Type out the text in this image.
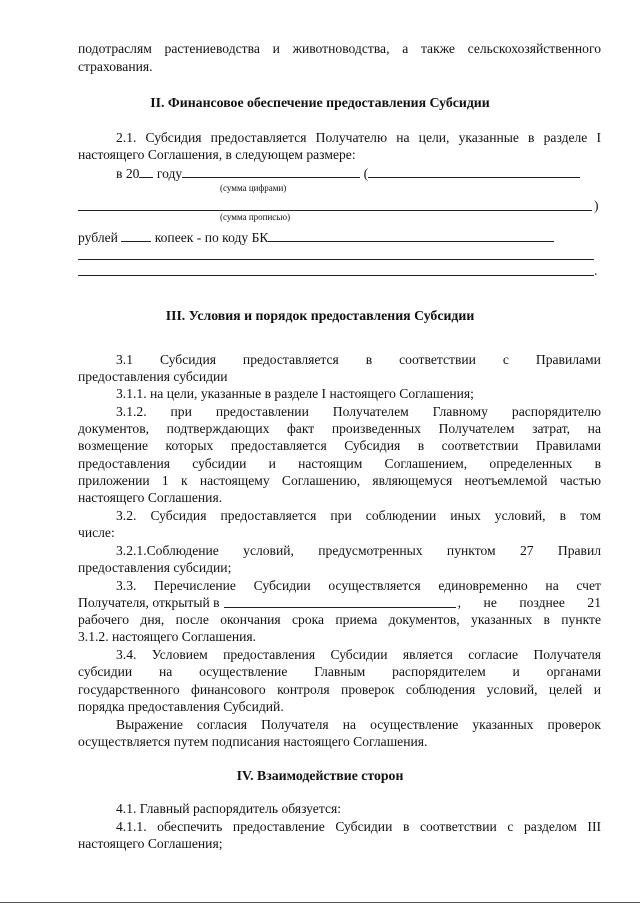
подотраслям растениеводства и животноводства, а также сельскохозяйственного
страхования.
II. Финансовое обеспечение предоставления Субсидии
2.1. Субсидия предоставляется Получателю на цели, указанные в разделе I
настоящего Соглашения, в следующем размере:
в 20 году	(
(сумма цифрами)
)
(сумма прописью)
рублей	копеек - по коду БК
.
III. Условия и порядок предоставления Субсидии
3.1 Субсидия предоставляется в соответствии с Правилами
предоставления субсидии
3.1.1. на цели, указанные в разделе I настоящего Соглашения;
3.1.2. при предоставлении Получателем Главному распорядителю
документов, подтверждающих факт произведенных Получателем затрат, на
возмещение которых предоставляется Субсидия в соответствии Правилами
предоставления субсидии и настоящим Соглашением, определенных в
приложении 1 к настоящему Соглашению, являющемуся неотъемлемой частью
настоящего Соглашения.
3.2. Субсидия предоставляется при соблюдении иных условий, в том
числе:
3.2.1.Соблюдение условий, предусмотренных пунктом 27 Правил
предоставления субсидии;
3.3. Перечисление Субсидии осуществляется единовременно на счет
Получателя, открытый в	, не позднее 21
рабочего дня, после окончания срока приема документов, указанных в пункте
3.1.2. настоящего Соглашения.
3.4. Условием предоставления Субсидии является согласие Получателя
субсидии на осуществление Главным распорядителем и органами
государственного финансового контроля проверок соблюдения условий, целей и
порядка предоставления Субсидий.
Выражение согласия Получателя на осуществление указанных проверок
осуществляется путем подписания настоящего Соглашения.
IV. Взаимодействие сторон
4.1. Главный распорядитель обязуется:
4.1.1. обеспечить предоставление Субсидии в соответствии с разделом III
настоящего Соглашения;
